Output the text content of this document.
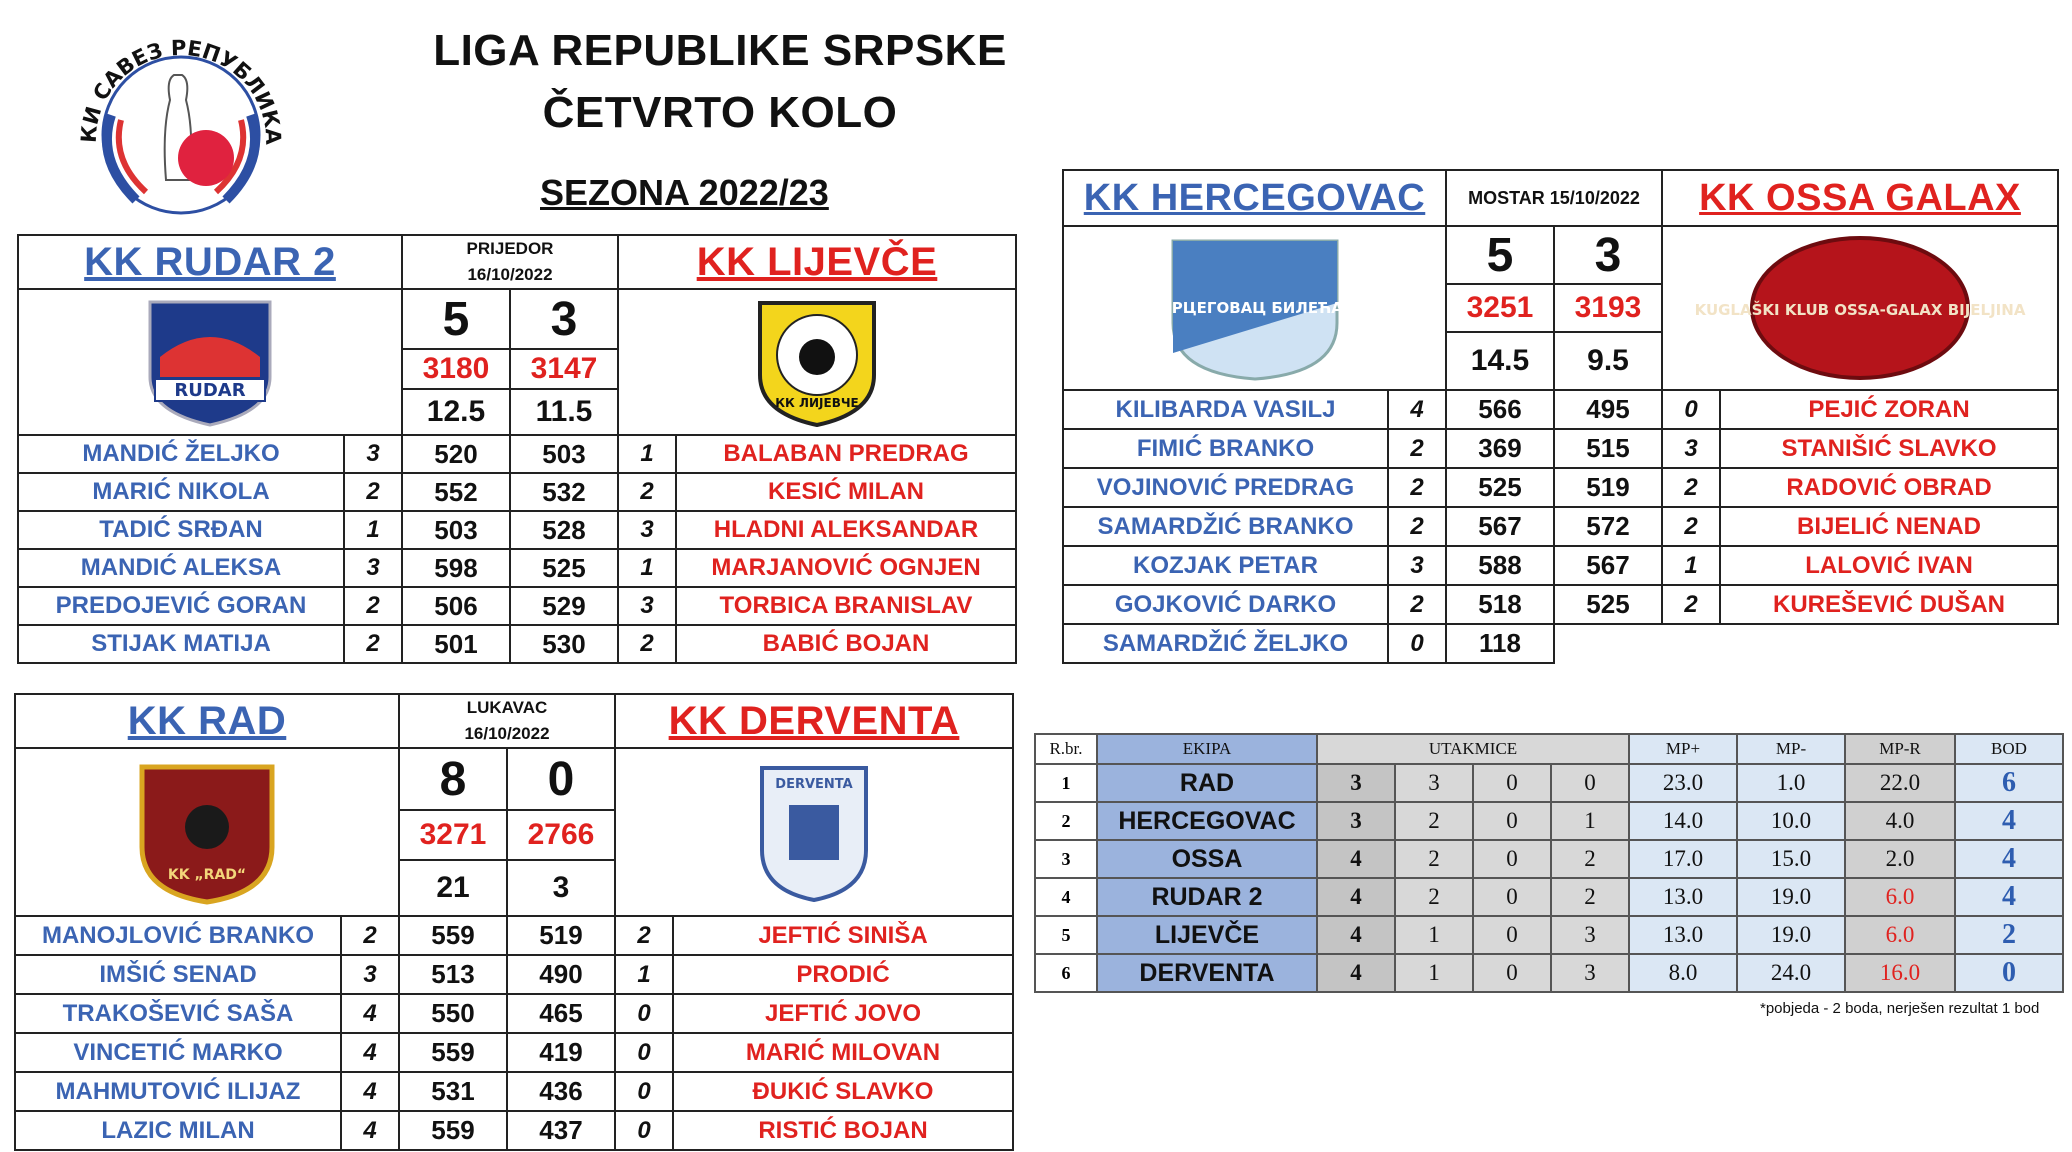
КИ САВЕЗ РЕПУБЛИКА
LIGA REPUBLIKE SRPSKE
ČETVRTO KOLO
SEZONA 2022/23
KK RUDAR 2		PRIJEDOR
16/10/2022		KK LIJEVČE	

RUDAR		5	3	КК ЛИЈЕВЧЕ	

		3180	3147		
		12.5	11.5		
MANDIĆ ŽELJKO	3	520	503	1	BALABAN PREDRAG
MARIĆ NIKOLA	2	552	532	2	KESIĆ MILAN
TADIĆ SRĐAN	1	503	528	3	HLADNI ALEKSANDAR
MANDIĆ ALEKSA	3	598	525	1	MARJANOVIĆ OGNJEN
PREDOJEVIĆ GORAN	2	506	529	3	TORBICA BRANISLAV
STIJAK MATIJA	2	501	530	2	BABIĆ BOJAN
KK HERCEGOVAC		MOSTAR 15/10/2022		KK OSSA GALAX	

КК ХЕРЦЕГОВАЦ БИЛЕЋА 1998		5	3	KUGLAŠKI KLUB OSSA-GALAX BIJELJINA	

		3251	3193		
		14.5	9.5		
KILIBARDA VASILJ	4	566	495	0	PEJIĆ ZORAN
FIMIĆ BRANKO	2	369	515	3	STANIŠIĆ SLAVKO
VOJINOVIĆ PREDRAG	2	525	519	2	RADOVIĆ OBRAD
SAMARDŽIĆ BRANKO	2	567	572	2	BIJELIĆ NENAD
KOZJAK PETAR	3	588	567	1	LALOVIĆ IVAN
GOJKOVIĆ DARKO	2	518	525	2	KUREŠEVIĆ DUŠAN
SAMARDŽIĆ ŽELJKO	0	118			
KK RAD		LUKAVAC
16/10/2022		KK DERVENTA	

KK „RAD“		8	0	DERVENTA	

		3271	2766		
		21	3		
MANOJLOVIĆ BRANKO	2	559	519	2	JEFTIĆ SINIŠA
IMŠIĆ SENAD	3	513	490	1	PRODIĆ
TRAKOŠEVIĆ SAŠA	4	550	465	0	JEFTIĆ JOVO
VINCETIĆ MARKO	4	559	419	0	MARIĆ MILOVAN
MAHMUTOVIĆ ILIJAZ	4	531	436	0	ĐUKIĆ SLAVKO
LAZIC MILAN	4	559	437	0	RISTIĆ BOJAN
R.br.	EKIPA	UTAKMICE				MP+	MP-	MP-R	BOD
1	RAD	3	3	0	0	23.0	1.0	22.0	6
2	HERCEGOVAC	3	2	0	1	14.0	10.0	4.0	4
3	OSSA	4	2	0	2	17.0	15.0	2.0	4
4	RUDAR 2	4	2	0	2	13.0	19.0	6.0	4
5	LIJEVČE	4	1	0	3	13.0	19.0	6.0	2
6	DERVENTA	4	1	0	3	8.0	24.0	16.0	0
*pobjeda - 2 boda, nerješen rezultat 1 bod
